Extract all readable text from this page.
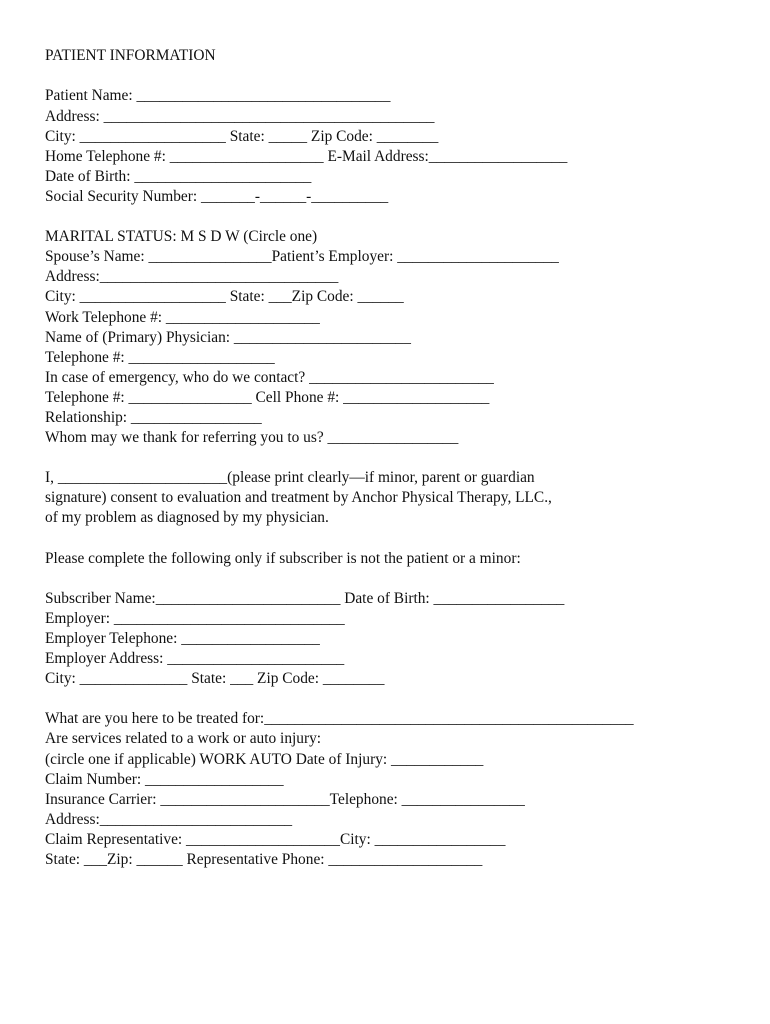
PATIENT INFORMATION
Patient Name: _________________________________
Address: ___________________________________________
City: ___________________ State: _____ Zip Code: ________
Home Telephone #: ____________________ E-Mail Address:__________________
Date of Birth: _______________________
Social Security Number: _______-______-__________
MARITAL STATUS: M S D W (Circle one)
Spouse’s Name: ________________Patient’s Employer: _____________________
Address:_______________________________
City: ___________________ State: ___Zip Code: ______
Work Telephone #: ____________________
Name of (Primary) Physician: _______________________
Telephone #: ___________________
In case of emergency, who do we contact? ________________________
Telephone #: ________________ Cell Phone #: ___________________
Relationship: _________________
Whom may we thank for referring you to us? _________________
I, ______________________(please print clearly—if minor, parent or guardian
signature) consent to evaluation and treatment by Anchor Physical Therapy, LLC.,
of my problem as diagnosed by my physician.
Please complete the following only if subscriber is not the patient or a minor:
Subscriber Name:________________________ Date of Birth: _________________
Employer: ______________________________
Employer Telephone: __________________
Employer Address: _______________________
City: ______________ State: ___ Zip Code: ________
What are you here to be treated for:________________________________________________
Are services related to a work or auto injury:
(circle one if applicable) WORK AUTO Date of Injury: ____________
Claim Number: __________________
Insurance Carrier: ______________________Telephone: ________________
Address:_________________________
Claim Representative: ____________________City: _________________
State: ___Zip: ______ Representative Phone: ____________________
